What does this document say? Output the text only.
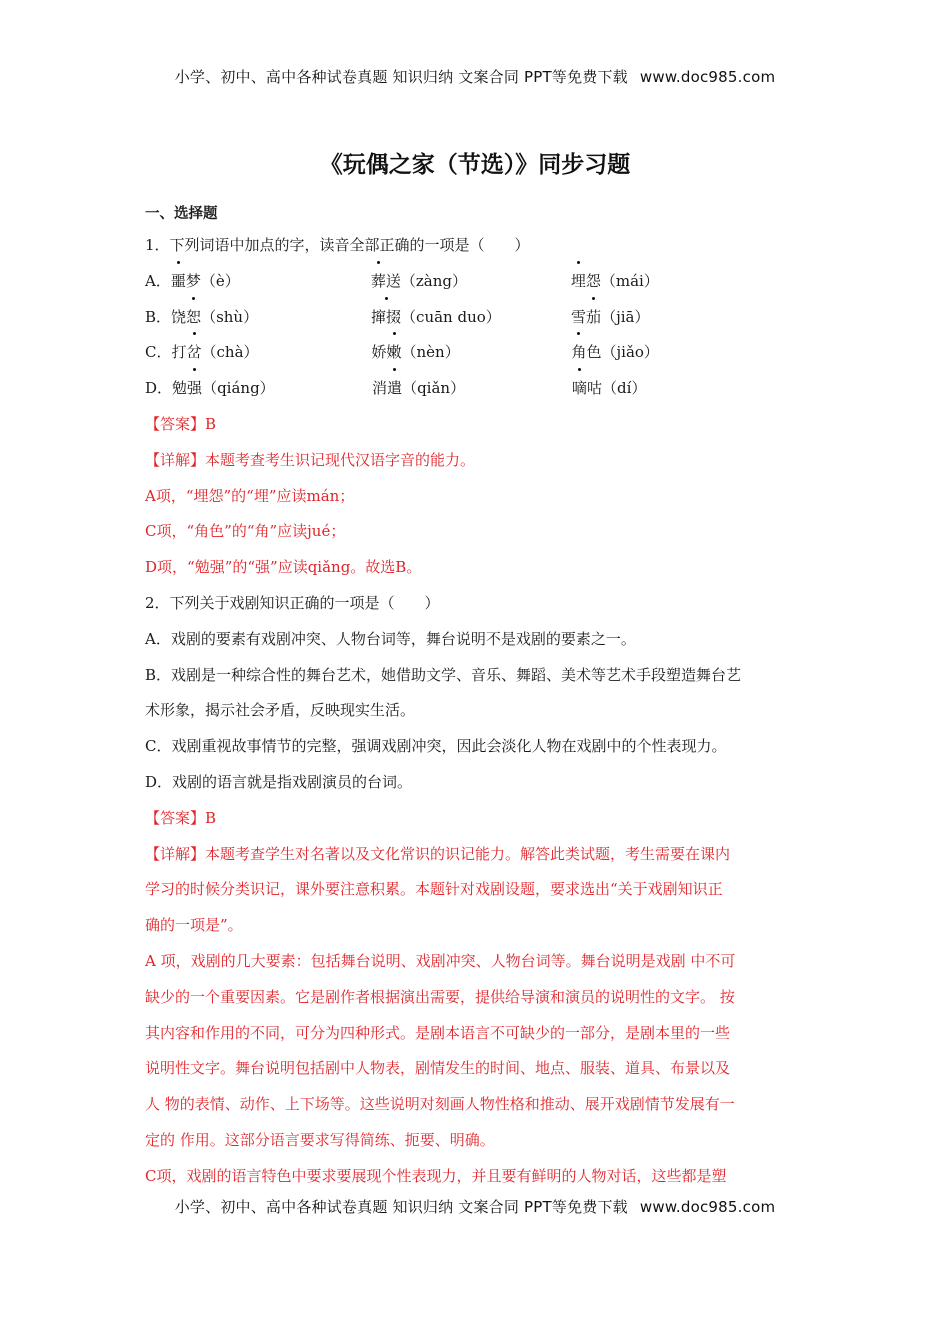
小学、初中、高中各种试卷真题 知识归纳 文案合同 PPT等免费下载 www.doc985.com
《玩偶之家（节选）》同步习题
一、选择题
1．下列词语中加点的字，读音全部正确的一项是（　　）
A． 噩梦（è）	葬送（zàng）	埋怨（mái）
B． 饶恕（shù）	撺掇（cuān duo）	雪茄（jiā）
C． 打岔（chà）	娇嫩（nèn）	角色（jiǎo）
D． 勉强（qiáng）	消遣（qiǎn）	嘀咕（dí）
【答案】B
【详解】本题考查考生识记现代汉语字音的能力。
A项，“埋怨”的“埋”应读mán；
C项，“角色”的“角”应读jué；
D项，“勉强”的“强”应读qiǎng。故选B。
2．下列关于戏剧知识正确的一项是（　　）
A．戏剧的要素有戏剧冲突、人物台词等，舞台说明不是戏剧的要素之一。
B．戏剧是一种综合性的舞台艺术，她借助文学、音乐、舞蹈、美术等艺术手段塑造舞台艺
术形象，揭示社会矛盾，反映现实生活。
C．戏剧重视故事情节的完整，强调戏剧冲突，因此会淡化人物在戏剧中的个性表现力。
D．戏剧的语言就是指戏剧演员的台词。
【答案】B
【详解】本题考查学生对名著以及文化常识的识记能力。解答此类试题，考生需要在课内
学习的时候分类识记，课外要注意积累。本题针对戏剧设题，要求选出“关于戏剧知识正
确的一项是”。
A 项，戏剧的几大要素：包括舞台说明、戏剧冲突、人物台词等。舞台说明是戏剧 中不可
缺少的一个重要因素。它是剧作者根据演出需要，提供给导演和演员的说明性的文字。 按
其内容和作用的不同，可分为四种形式。是剧本语言不可缺少的一部分，是剧本里的一些
说明性文字。舞台说明包括剧中人物表，剧情发生的时间、地点、服装、道具、布景以及
人 物的表情、动作、上下场等。这些说明对刻画人物性格和推动、展开戏剧情节发展有一
定的 作用。这部分语言要求写得简练、扼要、明确。
C项，戏剧的语言特色中要求要展现个性表现力，并且要有鲜明的人物对话，这些都是塑
小学、初中、高中各种试卷真题 知识归纳 文案合同 PPT等免费下载 www.doc985.com
